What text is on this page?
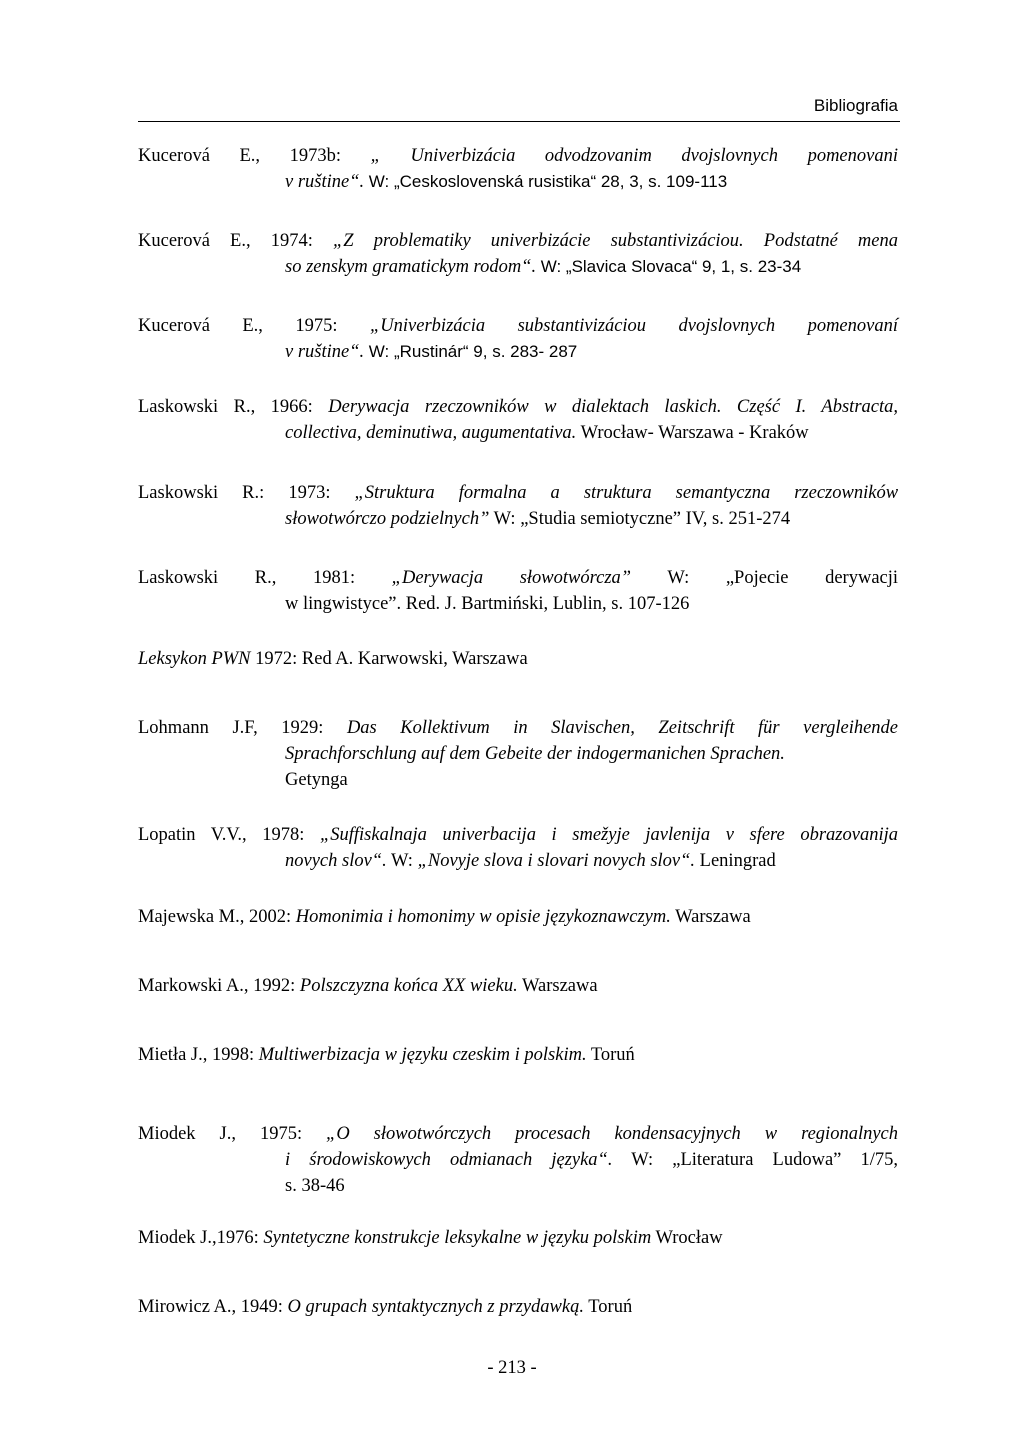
Bibliografia
Kucerová E., 1973b: „ Univerbizácia odvodzovanim dvojslovnych pomenovani
v ruštine“. W: „Ceskoslovenská rusistika“ 28, 3, s. 109-113
Kucerová E., 1974: „Z problematiky univerbizácie substantivizáciou. Podstatné mena
so zenskym gramatickym rodom“. W: „Slavica Slovaca“ 9, 1, s. 23-34
Kucerová E., 1975: „Univerbizácia substantivizáciou dvojslovnych pomenovaní
v ruštine“. W: „Rustinár“ 9, s. 283- 287
Laskowski R., 1966: Derywacja rzeczowników w dialektach laskich. Część I. Abstracta,
collectiva, deminutiwa, augumentativa. Wrocław- Warszawa - Kraków
Laskowski R.: 1973: „Struktura formalna a struktura semantyczna rzeczowników
słowotwórczo podzielnych” W: „Studia semiotyczne” IV, s. 251-274
Laskowski R., 1981: „Derywacja słowotwórcza” W: „Pojecie derywacji
w lingwistyce”. Red. J. Bartmiński, Lublin, s. 107-126
Leksykon PWN 1972: Red A. Karwowski, Warszawa
Lohmann J.F, 1929: Das Kollektivum in Slavischen, Zeitschrift für vergleihende
Sprachforschlung auf dem Gebeite der indogermanichen Sprachen.
Getynga
Lopatin V.V., 1978: „Suffiskalnaja univerbacija i smežyje javlenija v sfere obrazovanija
novych slov“. W: „Novyje slova i slovari novych slov“. Leningrad
Majewska M., 2002: Homonimia i homonimy w opisie językoznawczym. Warszawa
Markowski A., 1992: Polszczyzna końca XX wieku. Warszawa
Mietła J., 1998: Multiwerbizacja w języku czeskim i polskim. Toruń
Miodek J., 1975: „O słowotwórczych procesach kondensacyjnych w regionalnych
i środowiskowych odmianach języka“. W: „Literatura Ludowa” 1/75,
s. 38-46
Miodek J.,1976: Syntetyczne konstrukcje leksykalne w języku polskim Wrocław
Mirowicz A., 1949: O grupach syntaktycznych z przydawką. Toruń
- 213 -
